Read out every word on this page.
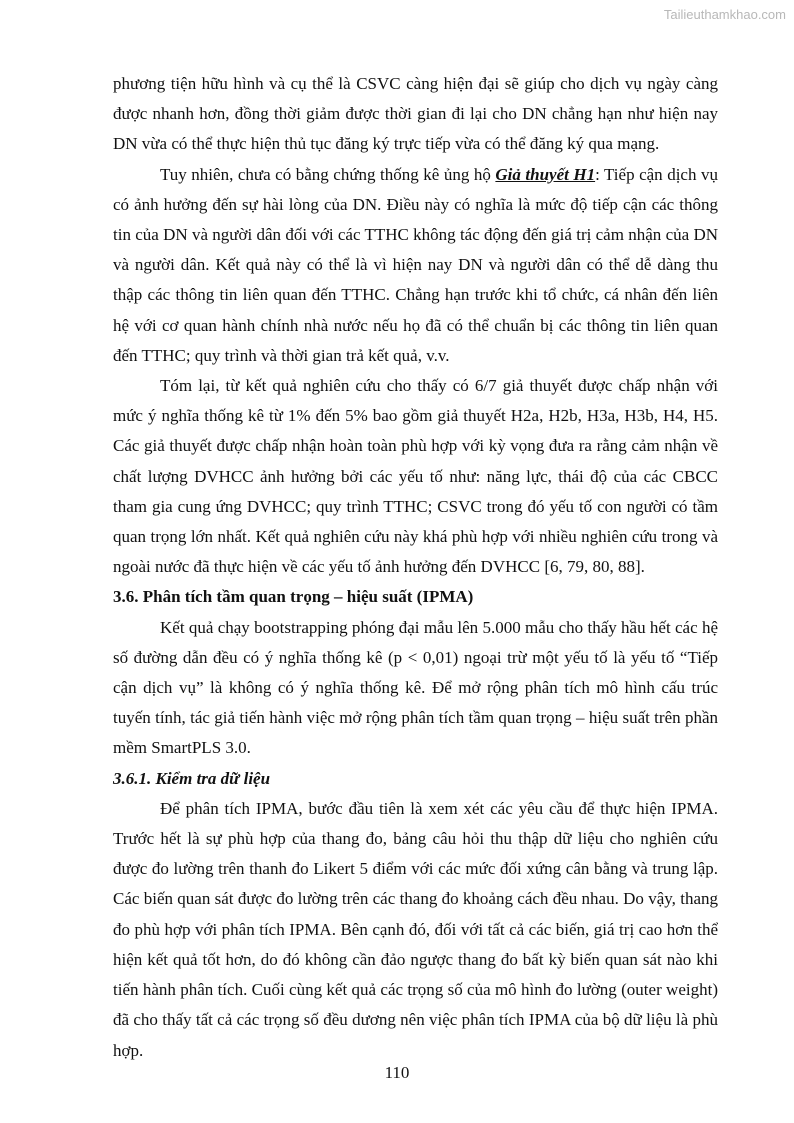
Tailieuthamkhao.com

phương tiện hữu hình và cụ thể là CSVC càng hiện đại sẽ giúp cho dịch vụ ngày càng được nhanh hơn, đồng thời giảm được thời gian đi lại cho DN chẳng hạn như hiện nay DN vừa có thể thực hiện thủ tục đăng ký trực tiếp vừa có thể đăng ký qua mạng.

Tuy nhiên, chưa có bằng chứng thống kê ủng hộ Giả thuyết H1: Tiếp cận dịch vụ có ảnh hưởng đến sự hài lòng của DN. Điều này có nghĩa là mức độ tiếp cận các thông tin của DN và người dân đối với các TTHC không tác động đến giá trị cảm nhận của DN và người dân. Kết quả này có thể là vì hiện nay DN và người dân có thể dễ dàng thu thập các thông tin liên quan đến TTHC. Chẳng hạn trước khi tổ chức, cá nhân đến liên hệ với cơ quan hành chính nhà nước nếu họ đã có thể chuẩn bị các thông tin liên quan đến TTHC; quy trình và thời gian trả kết quả, v.v.

Tóm lại, từ kết quả nghiên cứu cho thấy có 6/7 giả thuyết được chấp nhận với mức ý nghĩa thống kê từ 1% đến 5% bao gồm giả thuyết H2a, H2b, H3a, H3b, H4, H5. Các giả thuyết được chấp nhận hoàn toàn phù hợp với kỳ vọng đưa ra rằng cảm nhận về chất lượng DVHCC ảnh hưởng bởi các yếu tố như: năng lực, thái độ của các CBCC tham gia cung ứng DVHCC; quy trình TTHC; CSVC trong đó yếu tố con người có tầm quan trọng lớn nhất. Kết quả nghiên cứu này khá phù hợp với nhiều nghiên cứu trong và ngoài nước đã thực hiện về các yếu tố ảnh hưởng đến DVHCC [6, 79, 80, 88].

3.6. Phân tích tầm quan trọng – hiệu suất (IPMA)

Kết quả chạy bootstrapping phóng đại mẫu lên 5.000 mẫu cho thấy hầu hết các hệ số đường dẫn đều có ý nghĩa thống kê (p < 0,01) ngoại trừ một yếu tố là yếu tố “Tiếp cận dịch vụ” là không có ý nghĩa thống kê. Để mở rộng phân tích mô hình cấu trúc tuyến tính, tác giả tiến hành việc mở rộng phân tích tầm quan trọng – hiệu suất trên phần mềm SmartPLS 3.0.

3.6.1. Kiểm tra dữ liệu

Để phân tích IPMA, bước đầu tiên là xem xét các yêu cầu để thực hiện IPMA. Trước hết là sự phù hợp của thang đo, bảng câu hỏi thu thập dữ liệu cho nghiên cứu được đo lường trên thanh đo Likert 5 điểm với các mức đối xứng cân bằng và trung lập. Các biến quan sát được đo lường trên các thang đo khoảng cách đều nhau. Do vậy, thang đo phù hợp với phân tích IPMA. Bên cạnh đó, đối với tất cả các biến, giá trị cao hơn thể hiện kết quả tốt hơn, do đó không cần đảo ngược thang đo bất kỳ biến quan sát nào khi tiến hành phân tích. Cuối cùng kết quả các trọng số của mô hình đo lường (outer weight) đã cho thấy tất cả các trọng số đều dương nên việc phân tích IPMA của bộ dữ liệu là phù hợp.

110
